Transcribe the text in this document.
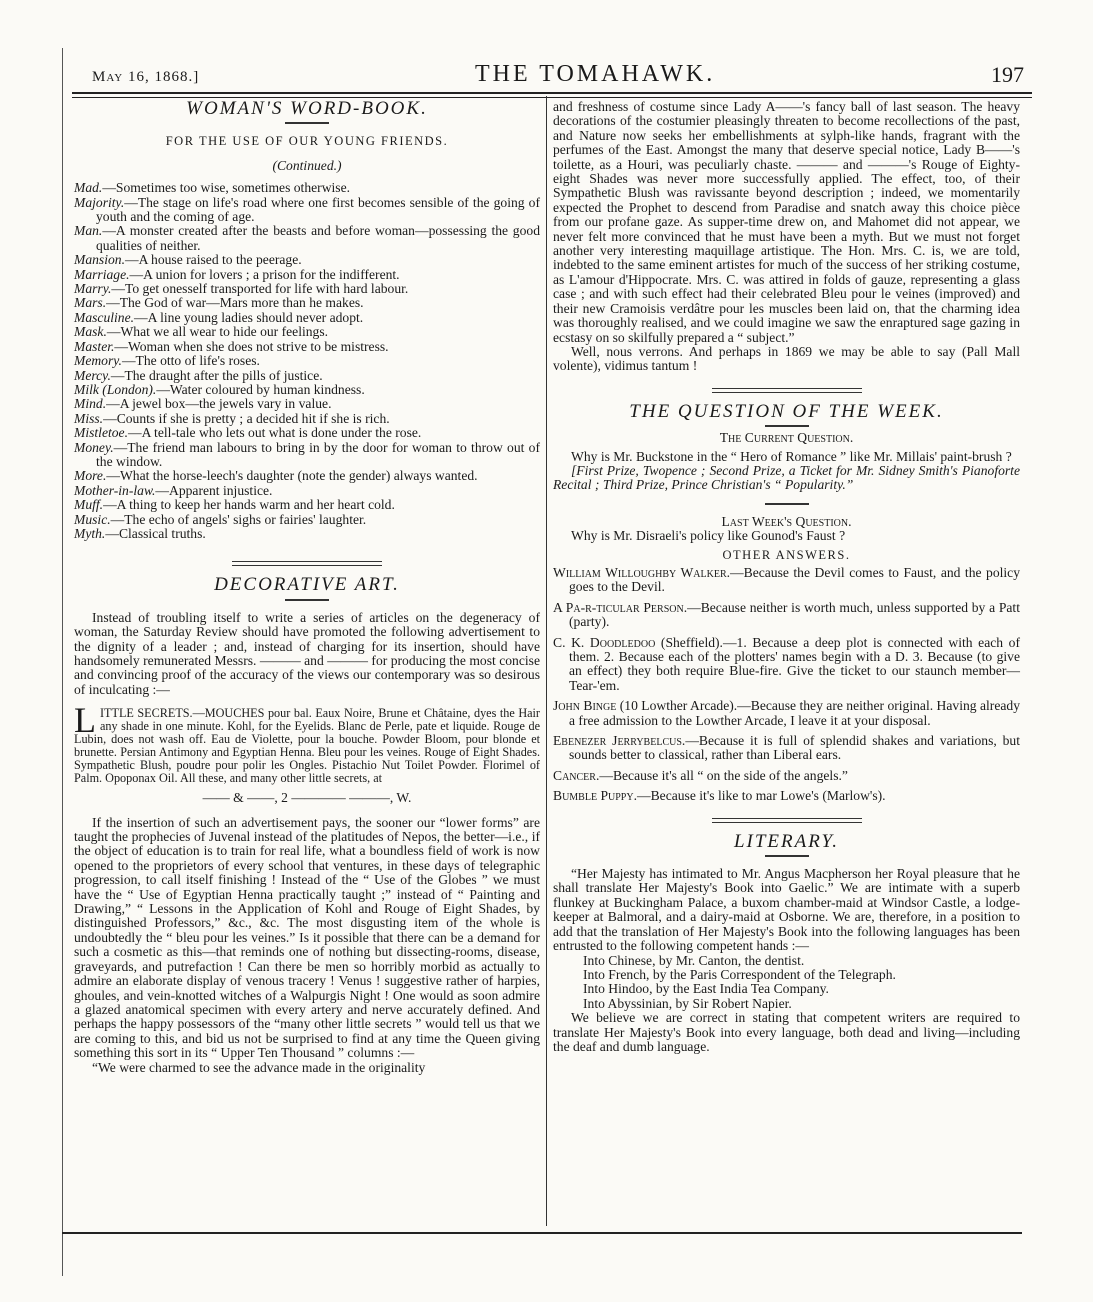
May 16, 1868.]	THE TOMAHAWK.	197
WOMAN'S WORD-BOOK.
FOR THE USE OF OUR YOUNG FRIENDS.
(Continued.)

Mad.—Sometimes too wise, sometimes otherwise.

Majority.—The stage on life's road where one first becomes sensible of the going of youth and the coming of age.

Man.—A monster created after the beasts and before woman—possessing the good qualities of neither.

Mansion.—A house raised to the peerage.

Marriage.—A union for lovers ; a prison for the indifferent.

Marry.—To get onesself transported for life with hard labour.

Mars.—The God of war—Mars more than he makes.

Masculine.—A line young ladies should never adopt.

Mask.—What we all wear to hide our feelings.

Master.—Woman when she does not strive to be mistress.

Memory.—The otto of life's roses.

Mercy.—The draught after the pills of justice.

Milk (London).—Water coloured by human kindness.

Mind.—A jewel box—the jewels vary in value.

Miss.—Counts if she is pretty ; a decided hit if she is rich.

Mistletoe.—A tell-tale who lets out what is done under the rose.

Money.—The friend man labours to bring in by the door for woman to throw out of the window.

More.—What the horse-leech's daughter (note the gender) always wanted.

Mother-in-law.—Apparent injustice.

Muff.—A thing to keep her hands warm and her heart cold.

Music.—The echo of angels' sighs or fairies' laughter.

Myth.—Classical truths.

DECORATIVE ART.

Instead of troubling itself to write a series of articles on the degeneracy of woman, the Saturday Review should have promoted the following advertisement to the dignity of a leader ; and, instead of charging for its insertion, should have handsomely remunerated Messrs. ——— and ——— for producing the most concise and convincing proof of the accuracy of the views our contemporary was so desirous of inculcating :—

LITTLE SECRETS.—MOUCHES pour bal. Eaux Noire, Brune et Châtaine, dyes the Hair any shade in one minute. Kohl, for the Eyelids. Blanc de Perle, pate et liquide. Rouge de Lubin, does not wash off. Eau de Violette, pour la bouche. Powder Bloom, pour blonde et brunette. Persian Antimony and Egyptian Henna. Bleu pour les veines. Rouge of Eight Shades. Sympathetic Blush, poudre pour polir les Ongles. Pistachio Nut Toilet Powder. Florimel of Palm. Opoponax Oil. All these, and many other little secrets, at
—— & ——, 2 ———— ———, W.

If the insertion of such an advertisement pays, the sooner our “lower forms” are taught the prophecies of Juvenal instead of the platitudes of Nepos, the better—i.e., if the object of education is to train for real life, what a boundless field of work is now opened to the proprietors of every school that ventures, in these days of telegraphic progression, to call itself finishing ! Instead of the “ Use of the Globes ” we must have the “ Use of Egyptian Henna practically taught ;” instead of “ Painting and Drawing,” “ Lessons in the Application of Kohl and Rouge of Eight Shades, by distinguished Professors,” &c., &c. The most disgusting item of the whole is undoubtedly the “ bleu pour les veines.” Is it possible that there can be a demand for such a cosmetic as this—that reminds one of nothing but dissecting-rooms, disease, graveyards, and putrefaction ! Can there be men so horribly morbid as actually to admire an elaborate display of venous tracery ! Venus ! suggestive rather of harpies, ghoules, and vein-knotted witches of a Walpurgis Night ! One would as soon admire a glazed anatomical specimen with every artery and nerve accurately defined. And perhaps the happy possessors of the “many other little secrets ” would tell us that we are coming to this, and bid us not be surprised to find at any time the Queen giving something this sort in its “ Upper Ten Thousand ” columns :—

“We were charmed to see the advance made in the originality

and freshness of costume since Lady A——'s fancy ball of last season. The heavy decorations of the costumier pleasingly threaten to become recollections of the past, and Nature now seeks her embellishments at sylph-like hands, fragrant with the perfumes of the East. Amongst the many that deserve special notice, Lady B——'s toilette, as a Houri, was peculiarly chaste. ——— and ———'s Rouge of Eighty-eight Shades was never more successfully applied. The effect, too, of their Sympathetic Blush was ravissante beyond description ; indeed, we momentarily expected the Prophet to descend from Paradise and snatch away this choice pièce from our profane gaze. As supper-time drew on, and Mahomet did not appear, we never felt more convinced that he must have been a myth. But we must not forget another very interesting maquillage artistique. The Hon. Mrs. C. is, we are told, indebted to the same eminent artistes for much of the success of her striking costume, as L'amour d'Hippocrate. Mrs. C. was attired in folds of gauze, representing a glass case ; and with such effect had their celebrated Bleu pour le veines (improved) and their new Cramoisis verdâtre pour les muscles been laid on, that the charming idea was thoroughly realised, and we could imagine we saw the enraptured sage gazing in ecstasy on so skilfully prepared a “ subject.”

Well, nous verrons. And perhaps in 1869 we may be able to say (Pall Mall volente), vidimus tantum !

THE QUESTION OF THE WEEK.
The Current Question.

Why is Mr. Buckstone in the “ Hero of Romance ” like Mr. Millais' paint-brush ?

[First Prize, Twopence ; Second Prize, a Ticket for Mr. Sidney Smith's Pianoforte Recital ; Third Prize, Prince Christian's “ Popularity.”

Last Week's Question.

Why is Mr. Disraeli's policy like Gounod's Faust ?

OTHER ANSWERS.

William Willoughby Walker.—Because the Devil comes to Faust, and the policy goes to the Devil.

A Pa-r-ticular Person.—Because neither is worth much, unless supported by a Patt (party).

C. K. Doodledoo (Sheffield).—1. Because a deep plot is connected with each of them. 2. Because each of the plotters' names begin with a D. 3. Because (to give an effect) they both require Blue-fire. Give the ticket to our staunch member—Tear-'em.

John Binge (10 Lowther Arcade).—Because they are neither original. Having already a free admission to the Lowther Arcade, I leave it at your disposal.

Ebenezer Jerrybelcus.—Because it is full of splendid shakes and variations, but sounds better to classical, rather than Liberal ears.

Cancer.—Because it's all “ on the side of the angels.”

Bumble Puppy.—Because it's like to mar Lowe's (Marlow's).

LITERARY.

“Her Majesty has intimated to Mr. Angus Macpherson her Royal pleasure that he shall translate Her Majesty's Book into Gaelic.” We are intimate with a superb flunkey at Buckingham Palace, a buxom chamber-maid at Windsor Castle, a lodge-keeper at Balmoral, and a dairy-maid at Osborne. We are, therefore, in a position to add that the translation of Her Majesty's Book into the following languages has been entrusted to the following competent hands :—

Into Chinese, by Mr. Canton, the dentist.

Into French, by the Paris Correspondent of the Telegraph.

Into Hindoo, by the East India Tea Company.

Into Abyssinian, by Sir Robert Napier.

We believe we are correct in stating that competent writers are required to translate Her Majesty's Book into every language, both dead and living—including the deaf and dumb language.
